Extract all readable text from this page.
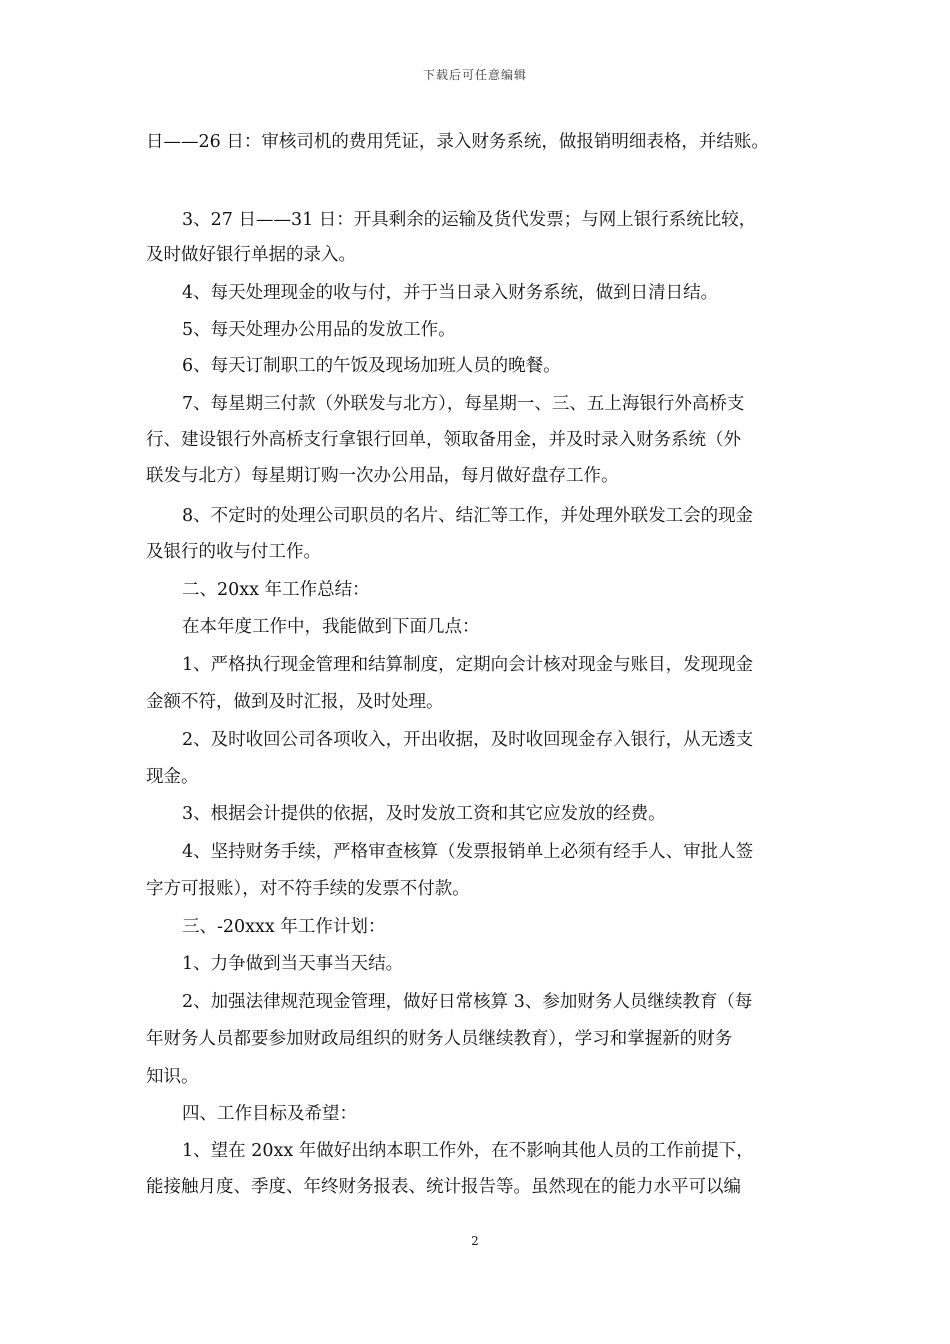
下载后可任意编辑
日——26 日：审核司机的费用凭证，录入财务系统，做报销明细表格，并结账。
3、27 日——31 日：开具剩余的运输及货代发票；与网上银行系统比较，
及时做好银行单据的录入。
4、每天处理现金的收与付，并于当日录入财务系统，做到日清日结。
5、每天处理办公用品的发放工作。
6、每天订制职工的午饭及现场加班人员的晚餐。
7、每星期三付款（外联发与北方），每星期一、三、五上海银行外高桥支
行、建设银行外高桥支行拿银行回单，领取备用金，并及时录入财务系统（外
联发与北方）每星期订购一次办公用品，每月做好盘存工作。
8、不定时的处理公司职员的名片、结汇等工作，并处理外联发工会的现金
及银行的收与付工作。
二、20xx 年工作总结：
在本年度工作中，我能做到下面几点：
1、严格执行现金管理和结算制度，定期向会计核对现金与账目，发现现金
金额不符，做到及时汇报，及时处理。
2、及时收回公司各项收入，开出收据，及时收回现金存入银行，从无透支
现金。
3、根据会计提供的依据，及时发放工资和其它应发放的经费。
4、坚持财务手续，严格审查核算（发票报销单上必须有经手人、审批人签
字方可报账），对不符手续的发票不付款。
三、-20xxx 年工作计划：
1、力争做到当天事当天结。
2、加强法律规范现金管理，做好日常核算 3、参加财务人员继续教育（每
年财务人员都要参加财政局组织的财务人员继续教育），学习和掌握新的财务
知识。
四、工作目标及希望：
1、望在 20xx 年做好出纳本职工作外，在不影响其他人员的工作前提下，
能接触月度、季度、年终财务报表、统计报告等。虽然现在的能力水平可以编
2
